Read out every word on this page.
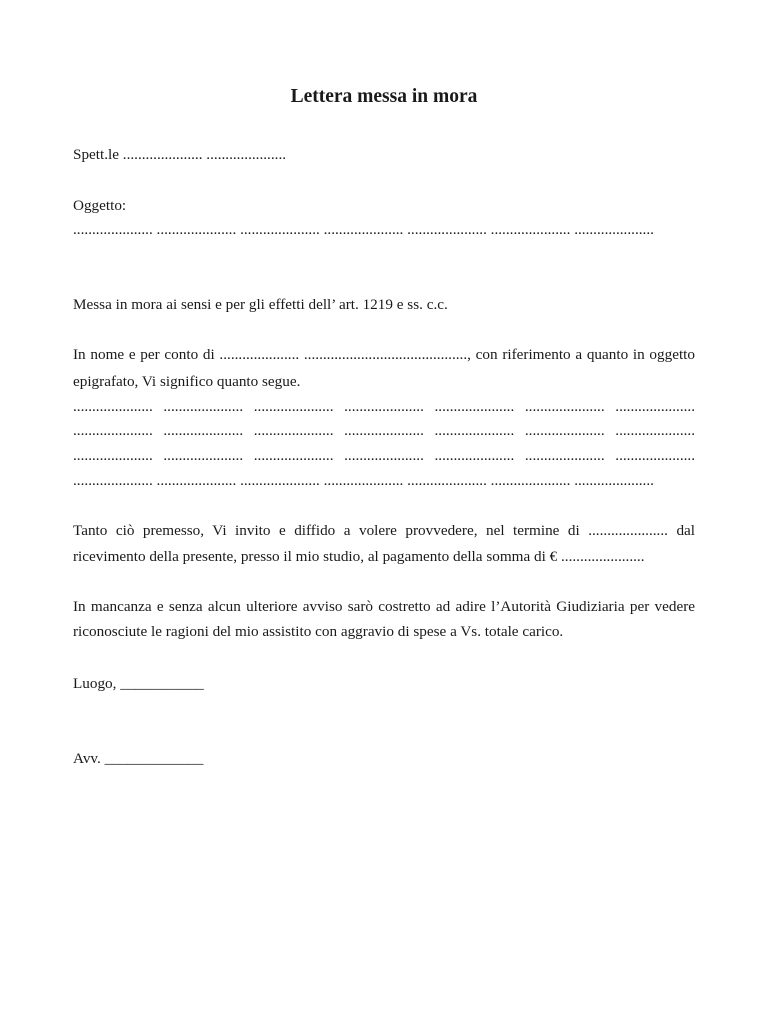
Lettera messa in mora
Spett.le ..................... .....................
Oggetto:
..................... ..................... ..................... ..................... ..................... ..................... .....................
Messa in mora ai sensi e per gli effetti dell’ art. 1219 e ss. c.c.
In nome e per conto di ..................... ..........................................., con riferimento a quanto in oggetto
epigrafato, Vi significo quanto segue.
..................... ..................... ..................... ..................... ..................... ..................... .....................
..................... ..................... ..................... ..................... ..................... ..................... .....................
..................... ..................... ..................... ..................... ..................... ..................... .....................
..................... ..................... ..................... ..................... ..................... ..................... .....................
Tanto ciò premesso, Vi invito e diffido a volere provvedere, nel termine di ..................... dal
ricevimento della presente, presso il mio studio, al pagamento della somma di € ......................
In mancanza e senza alcun ulteriore avviso sarò costretto ad adire l’Autorità Giudiziaria per vedere
riconosciute le ragioni del mio assistito con aggravio di spese a Vs. totale carico.
Luogo, ___________
Avv. _____________
